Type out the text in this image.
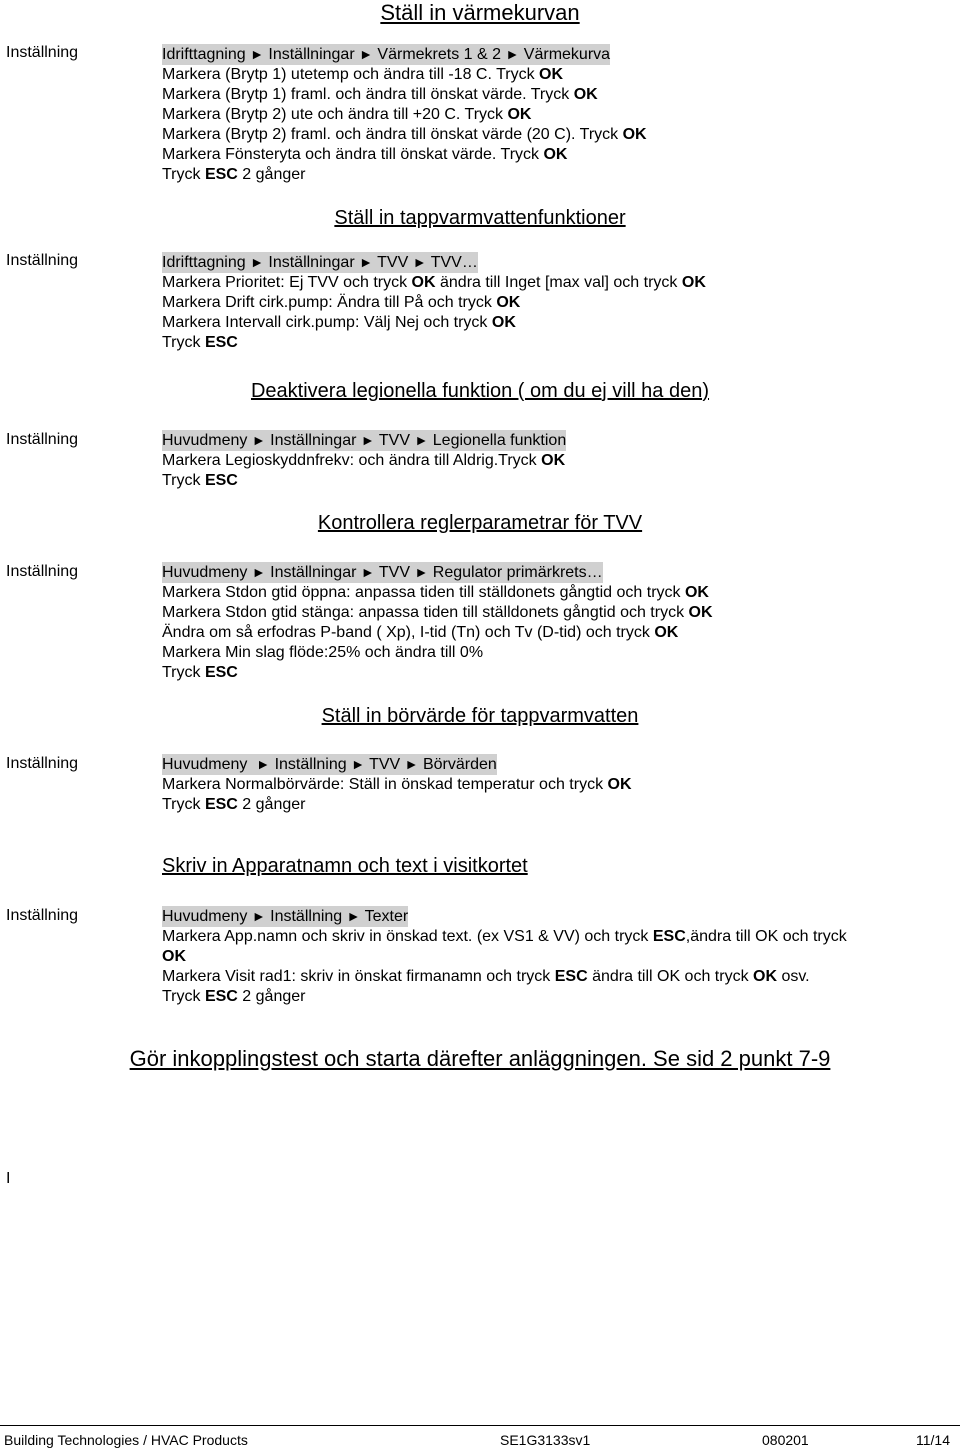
Ställ in värmekurvan
Inställning	Idrifttagning ► Inställningar ► Värmekrets 1 & 2 ► Värmekurva
Markera (Brytp 1) utetemp och ändra till -18 C. Tryck OK
Markera (Brytp 1) framl. och ändra till önskat värde. Tryck OK
Markera (Brytp 2) ute och ändra till +20 C. Tryck OK
Markera (Brytp 2) framl. och ändra till önskat värde (20 C). Tryck OK
Markera Fönsteryta och ändra till önskat värde. Tryck OK
Tryck ESC 2 gånger
Ställ in tappvarmvattenfunktioner
Inställning	Idrifttagning ► Inställningar ► TVV ► TVV…
Markera Prioritet: Ej TVV och tryck OK ändra till Inget [max val] och tryck OK
Markera Drift cirk.pump: Ändra till På och tryck OK
Markera Intervall cirk.pump: Välj Nej och tryck OK
Tryck ESC
Deaktivera legionella funktion ( om du ej vill ha den)
Inställning	Huvudmeny ► Inställningar ► TVV ► Legionella funktion
Markera Legioskyddnfrekv: och ändra till Aldrig.Tryck OK
Tryck ESC
Kontrollera reglerparametrar för TVV
Inställning	Huvudmeny ► Inställningar ► TVV ► Regulator primärkrets…
Markera Stdon gtid öppna: anpassa tiden till ställdonets gångtid och tryck OK
Markera Stdon gtid stänga: anpassa tiden till ställdonets gångtid och tryck OK
Ändra om så erfodras P-band ( Xp), I-tid (Tn) och Tv (D-tid) och tryck OK
Markera Min slag flöde:25% och ändra till 0%
Tryck ESC
Ställ in börvärde för tappvarmvatten
Inställning	Huvudmeny ► Inställning ► TVV ► Börvärden
Markera Normalbörvärde: Ställ in önskad temperatur och tryck OK
Tryck ESC 2 gånger
Skriv in Apparatnamn och text i visitkortet
Inställning	Huvudmeny ► Inställning ► Texter
Markera App.namn och skriv in önskad text. (ex VS1 & VV) och tryck ESC,ändra till OK och tryck
OK
Markera Visit rad1: skriv in önskat firmanamn och tryck ESC ändra till OK och tryck OK osv.
Tryck ESC 2 gånger
Gör inkopplingstest och starta därefter anläggningen. Se sid 2 punkt 7-9
I
Building Technologies / HVAC Products	SE1G3133sv1	080201	11/14
